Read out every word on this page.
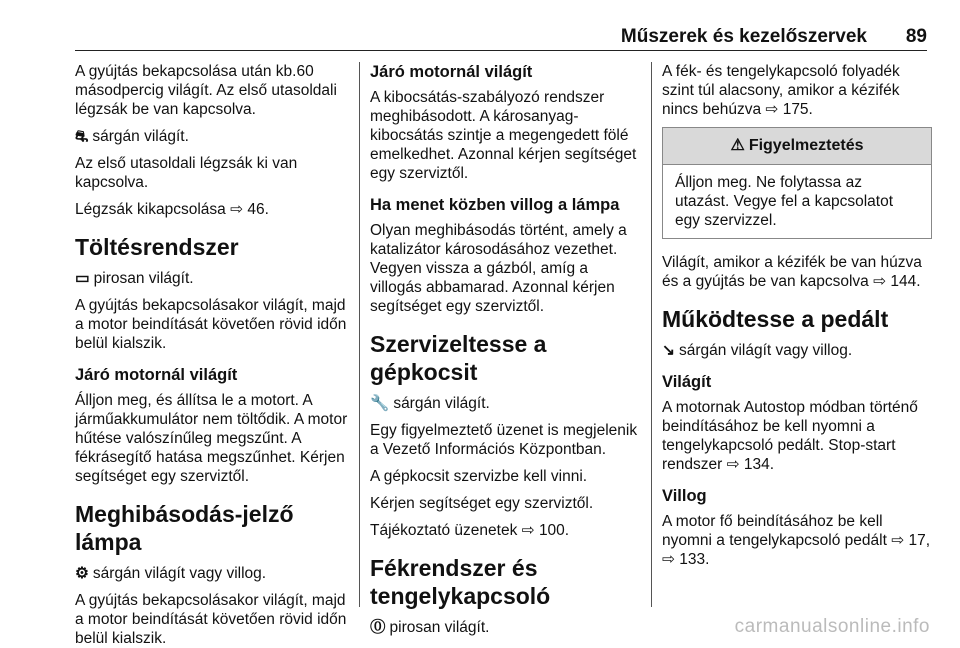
Műszerek és kezelőszervek 89

A gyújtás bekapcsolása után kb.60 másodpercig világít. Az első utasoldali légzsák be van kapcsolva.

⛐ sárgán világít.

Az első utasoldali légzsák ki van kapcsolva.

Légzsák kikapcsolása ⇨ 46.

Töltésrendszer

▭ pirosan világít.

A gyújtás bekapcsolásakor világít, majd a motor beindítását követően rövid időn belül kialszik.

Járó motornál világít

Álljon meg, és állítsa le a motort. A járműakkumulátor nem töltődik. A motor hűtése valószínűleg megszűnt. A fékrásegítő hatása megszűnhet. Kérjen segítséget egy szerviztől.

Meghibásodás-jelző lámpa

⚙ sárgán világít vagy villog.

A gyújtás bekapcsolásakor világít, majd a motor beindítását követően rövid időn belül kialszik.

Járó motornál világít

A kibocsátás-szabályozó rendszer meghibásodott. A károsanyag-kibocsátás szintje a megengedett fölé emelkedhet. Azonnal kérjen segítséget egy szerviztől.

Ha menet közben villog a lámpa

Olyan meghibásodás történt, amely a katalizátor károsodásához vezethet. Vegyen vissza a gázból, amíg a villogás abbamarad. Azonnal kérjen segítséget egy szerviztől.

Szervizeltesse a gépkocsit

🔧 sárgán világít.

Egy figyelmeztető üzenet is megjelenik a Vezető Információs Központban.

A gépkocsit szervizbe kell vinni.

Kérjen segítséget egy szerviztől.

Tájékoztató üzenetek ⇨ 100.

Fékrendszer és tengelykapcsoló

⓪ pirosan világít.

A fék- és tengelykapcsoló folyadék szint túl alacsony, amikor a kézifék nincs behúzva ⇨ 175.

⚠ Figyelmeztetés
Álljon meg. Ne folytassa az utazást. Vegye fel a kapcsolatot egy szervizzel.

Világít, amikor a kézifék be van húzva és a gyújtás be van kapcsolva ⇨ 144.

Működtesse a pedált

↘ sárgán világít vagy villog.

Világít

A motornak Autostop módban történő beindításához be kell nyomni a tengelykapcsoló pedált. Stop-start rendszer ⇨ 134.

Villog

A motor fő beindításához be kell nyomni a tengelykapcsoló pedált ⇨ 17, ⇨ 133.

carmanualsonline.info
